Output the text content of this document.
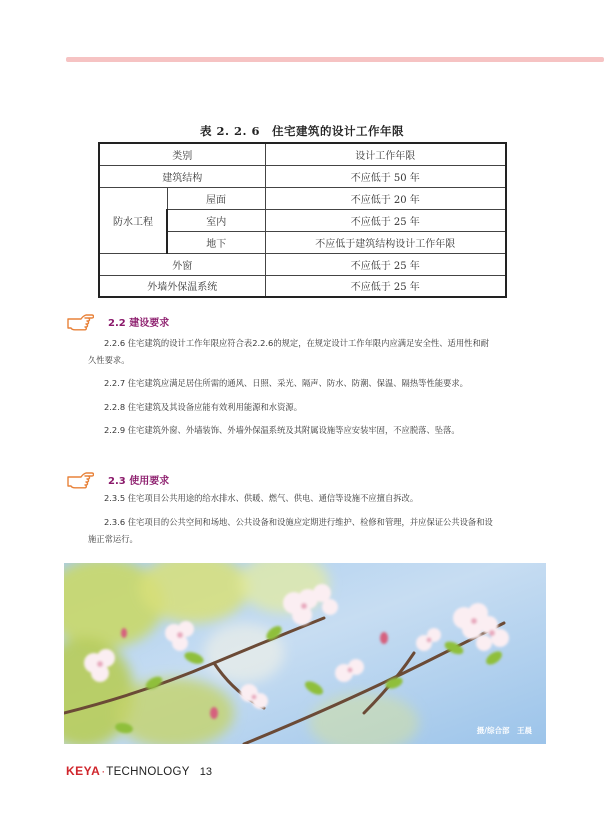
表 2. 2. 6　住宅建筑的设计工作年限
类别		设计工作年限
建筑结构		不应低于 50 年
防水工程	屋面	不应低于 20 年
	室内	不应低于 25 年
	地下	不应低于建筑结构设计工作年限
外窗		不应低于 25 年
外墙外保温系统		不应低于 25 年
2.2 建设要求

2.2.6 住宅建筑的设计工作年限应符合表2.2.6的规定，在规定设计工作年限内应满足安全性、适用性和耐久性要求。

2.2.7 住宅建筑应满足居住所需的通风、日照、采光、隔声、防水、防潮、保温、隔热等性能要求。

2.2.8 住宅建筑及其设备应能有效利用能源和水资源。

2.2.9 住宅建筑外窗、外墙装饰、外墙外保温系统及其附属设施等应安装牢固，不应脱落、坠落。

2.3 使用要求

2.3.5 住宅项目公共用途的给水排水、供暖、燃气、供电、通信等设施不应擅自拆改。

2.3.6 住宅项目的公共空间和场地、公共设备和设施应定期进行维护、检修和管理，并应保证公共设备和设施正常运行。

摄/综合部　王晨
KEYA · TECHNOLOGY 13
